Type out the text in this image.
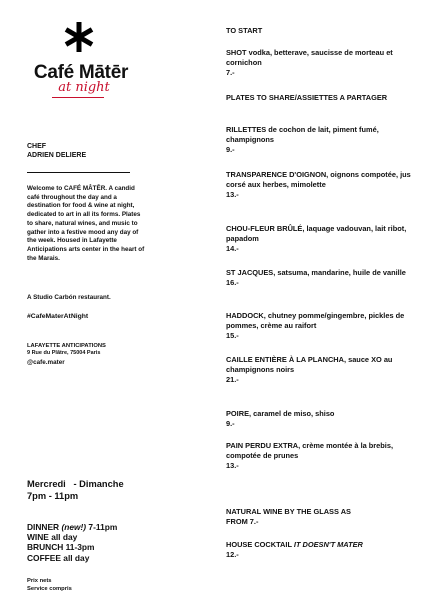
Café Mātēr
at night
CHEF
ADRIEN DELIERE
Welcome to CAFÉ MÂTĒR. A candid café throughout the day and a destination for food & wine at night, dedicated to art in all its forms. Plates to share, natural wines, and music to gather into a festive mood any day of the week. Housed in Lafayette Anticipations arts center in the heart of the Marais.
A Studio Carbón restaurant.
#CafeMaterAtNight
LAFAYETTE ANTICIPATIONS
9 Rue du Plâtre, 75004 Paris
@cafe.mater
Mercredi   - Dimanche
7pm - 11pm
DINNER (new!) 7-11pm
WINE all day
BRUNCH 11-3pm
COFFEE all day
Prix nets
Service compris
TO START
SHOT vodka, betterave, saucisse de morteau et cornichon
7.-
PLATES TO SHARE/ASSIETTES A PARTAGER
RILLETTES de cochon de lait, piment fumé, champignons
9.-
TRANSPARENCE D'OIGNON, oignons compotée, jus corsé aux herbes, mimolette
13.-
CHOU-FLEUR BRÛLÉ, laquage vadouvan, lait ribot, papadom
14.-
ST JACQUES, satsuma, mandarine, huile de vanille
16.-
HADDOCK, chutney pomme/gingembre, pickles de pommes, crème au raifort
15.-
CAILLE ENTIÈRE À LA PLANCHA, sauce XO au champignons noirs
21.-
POIRE, caramel de miso, shiso
9.-
PAIN PERDU EXTRA, crème montée à la brebis, compotée de prunes
13.-
NATURAL WINE BY THE GLASS AS FROM 7.-
HOUSE COCKTAIL IT DOESN'T MATER
12.-
